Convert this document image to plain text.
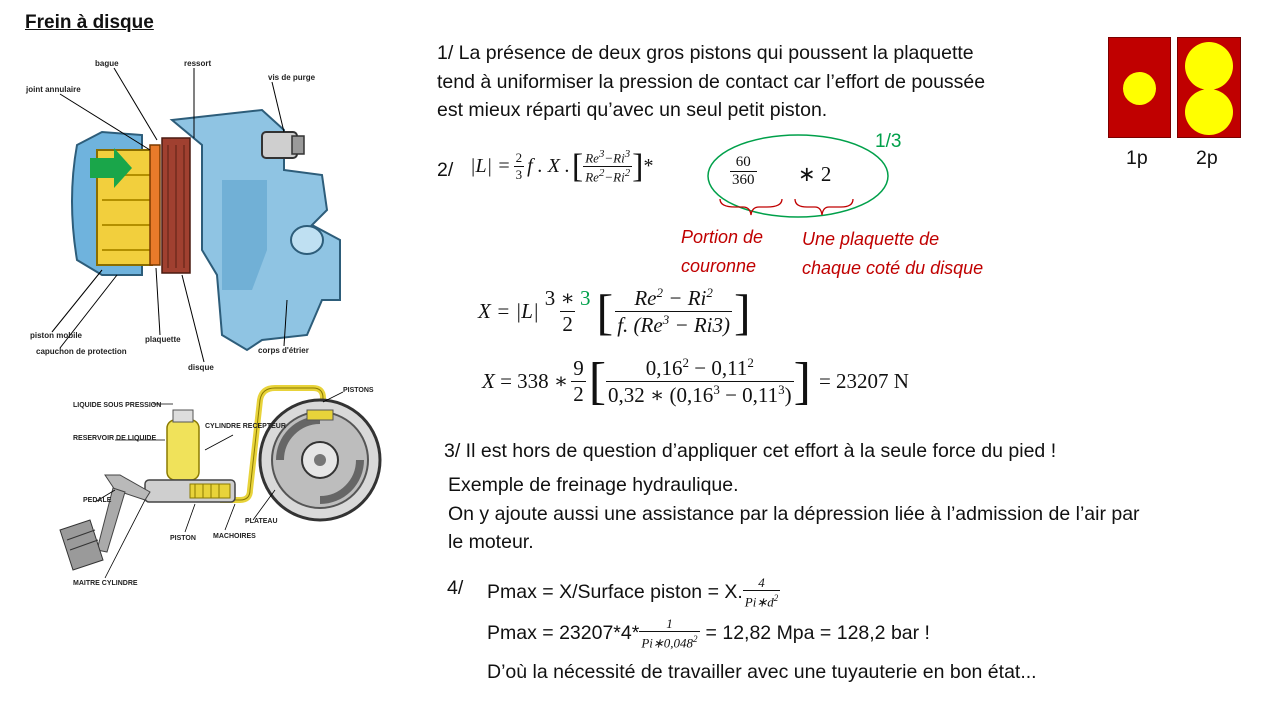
Frein à disque
bague	ressort
vis de purge
joint annulaire
piston mobile
capuchon de protection
plaquette
disque
corps d'étrier
LIQUIDE SOUS PRESSION
RESERVOIR DE LIQUIDE
CYLINDRE RECEPTEUR
PISTONS
PEDALE
PISTON MACHOIRES
PLATEAU
MAITRE CYLINDRE
1/ La présence de deux gros pistons qui poussent la plaquette
tend à uniformiser la pression de contact car l’effort de poussée
est mieux réparti qu’avec un seul petit piston.
1p 2p
2/ $|L| = \frac{2}{3}$ f . X . [ $\frac{Re^3-Ri^3}{Re^2-Ri^2}$ ] *	$\frac{60}{360}$ ∗ 2
1/3
Portion de
couronne
Une plaquette de
chaque coté du disque
$X = |L| \frac{3 ∗ 3}{2}$ [ $\frac{Re^2 - Ri^2}{f. (Re^3 - Ri3)}$ ]
X = 338 ∗ $\frac{9}{2}$ [ $\frac{0,16^2 - 0,11^2}{0,32 ∗ (0,16^3 - 0,11^3)}$ ] = 23207 N
3/ Il est hors de question d’appliquer cet effort à la seule force du pied !
Exemple de freinage hydraulique.
On y ajoute aussi une assistance par la dépression liée à l’admission de l’air par
le moteur.
4/ Pmax = X/Surface piston = X. $\frac{4}{Pi∗d^2}$
$Pmax = 23207*4* \frac{1}{Pi∗0,048^2} = 12,82$ Mpa = 128,2 bar !
D’où la nécessité de travailler avec une tuyauterie en bon état...
